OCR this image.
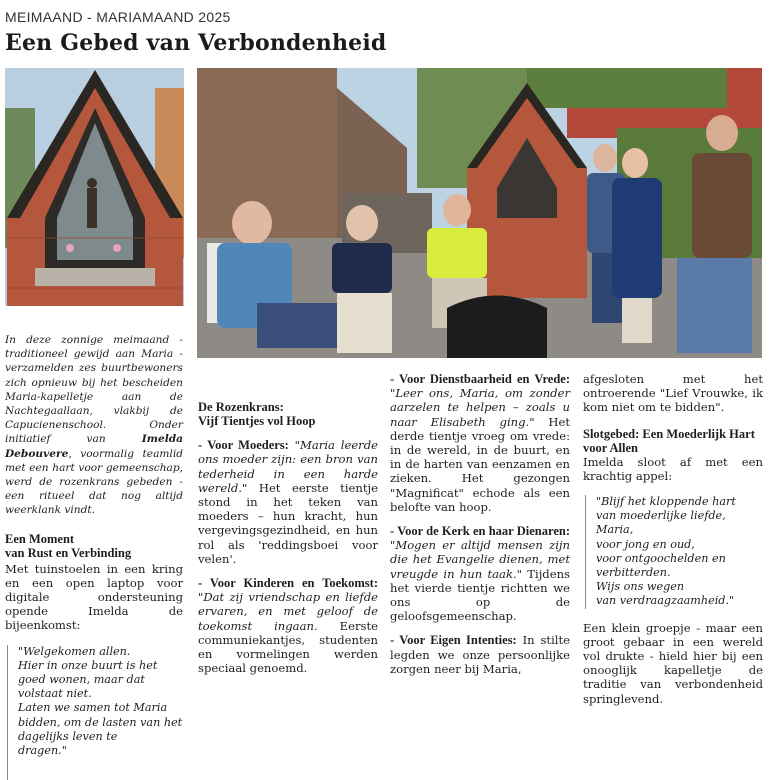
MEIMAAND - MARIAMAAND 2025
Een Gebed van Verbondenheid

In deze zonnige meimaand - traditioneel gewijd aan Maria - verzamelden zes buurtbewoners zich opnieuw bij het bescheiden Maria-kapelletje aan de Nachtegaallaan, vlakbij de Capucienenschool. Onder initiatief van Imelda Debouvere, voormalig teamlid met een hart voor gemeenschap, werd de rozenkrans gebeden - een ritueel dat nog altijd weerklank vindt.

Een Moment
van Rust en Verbinding

Met tuinstoelen in een kring en een open laptop voor digitale ondersteuning opende Imelda de bijeenkomst:

"Welgekomen allen.

Hier in onze buurt is het goed wonen, maar dat volstaat niet.

Laten we samen tot Maria bidden, om de lasten van het dagelijks leven te

dragen."

De Rozenkrans:
Vijf Tientjes vol Hoop

- Voor Moeders: "Maria leerde ons moeder zijn: een bron van tederheid in een harde wereld." Het eerste tientje stond in het teken van moeders – hun kracht, hun vergevingsgezindheid, en hun rol als 'reddingsboei voor velen'.

- Voor Kinderen en Toekomst: "Dat zij vriendschap en liefde ervaren, en met geloof de toekomst ingaan. Eerste communiekantjes, studenten en vormelingen werden speciaal genoemd.

- Voor Dienstbaarheid en Vrede: "Leer ons, Maria, om zonder aarzelen te helpen – zoals u naar Elisabeth ging." Het derde tientje vroeg om vrede: in de wereld, in de buurt, en in de harten van eenzamen en zieken. Het gezongen "Magnificat" echode als een belofte van hoop.

- Voor de Kerk en haar Dienaren: "Mogen er altijd mensen zijn die het Evangelie dienen, met vreugde in hun taak." Tijdens het vierde tientje richtten we ons op de geloofsgemeenschap.

- Voor Eigen Intenties: In stilte legden we onze persoonlijke zorgen neer bij Maria,

afgesloten met het ontroerende "Lief Vrouwke, ik kom niet om te bidden".

Slotgebed: Een Moederlijk Hart
voor Allen

Imelda sloot af met een krachtig appel:

"Blijf het kloppende hart

van moederlijke liefde, Maria,

voor jong en oud,

voor ontgoochelden en verbitterden.

Wijs ons wegen

van verdraagzaamheid."

Een klein groepje - maar een groot gebaar in een wereld vol drukte - hield hier bij een onooglijk kapelletje de traditie van verbondenheid springlevend.
